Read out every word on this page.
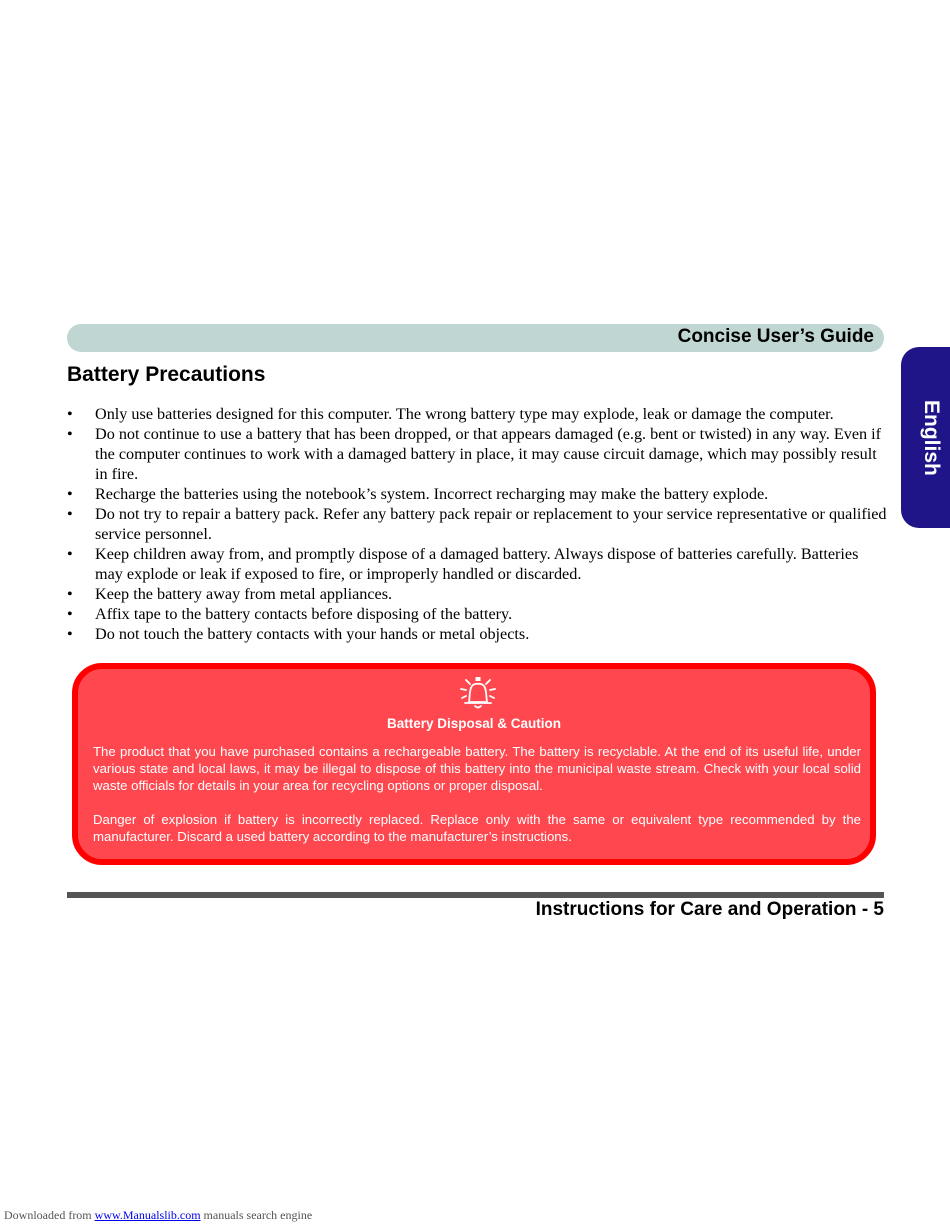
Concise User’s Guide
English
Battery Precautions
• Only use batteries designed for this computer. The wrong battery type may explode, leak or damage the computer.
• Do not continue to use a battery that has been dropped, or that appears damaged (e.g. bent or twisted) in any way. Even if the computer continues to work with a damaged battery in place, it may cause circuit damage, which may possibly result in fire.
• Recharge the batteries using the notebook’s system. Incorrect recharging may make the battery explode.
• Do not try to repair a battery pack. Refer any battery pack repair or replacement to your service representative or qualified service personnel.
• Keep children away from, and promptly dispose of a damaged battery. Always dispose of batteries carefully. Batteries may explode or leak if exposed to fire, or improperly handled or discarded.
• Keep the battery away from metal appliances.
• Affix tape to the battery contacts before disposing of the battery.
• Do not touch the battery contacts with your hands or metal objects.
Battery Disposal & Caution

The product that you have purchased contains a rechargeable battery. The battery is recyclable. At the end of its useful life, under various state and local laws, it may be illegal to dispose of this battery into the municipal waste stream. Check with your local solid waste officials for details in your area for recycling options or proper disposal.

Danger of explosion if battery is incorrectly replaced. Replace only with the same or equivalent type recommended by the manufacturer. Discard a used battery according to the manufacturer’s instructions.

Instructions for Care and Operation - 5
Downloaded from www.Manualslib.com manuals search engine
